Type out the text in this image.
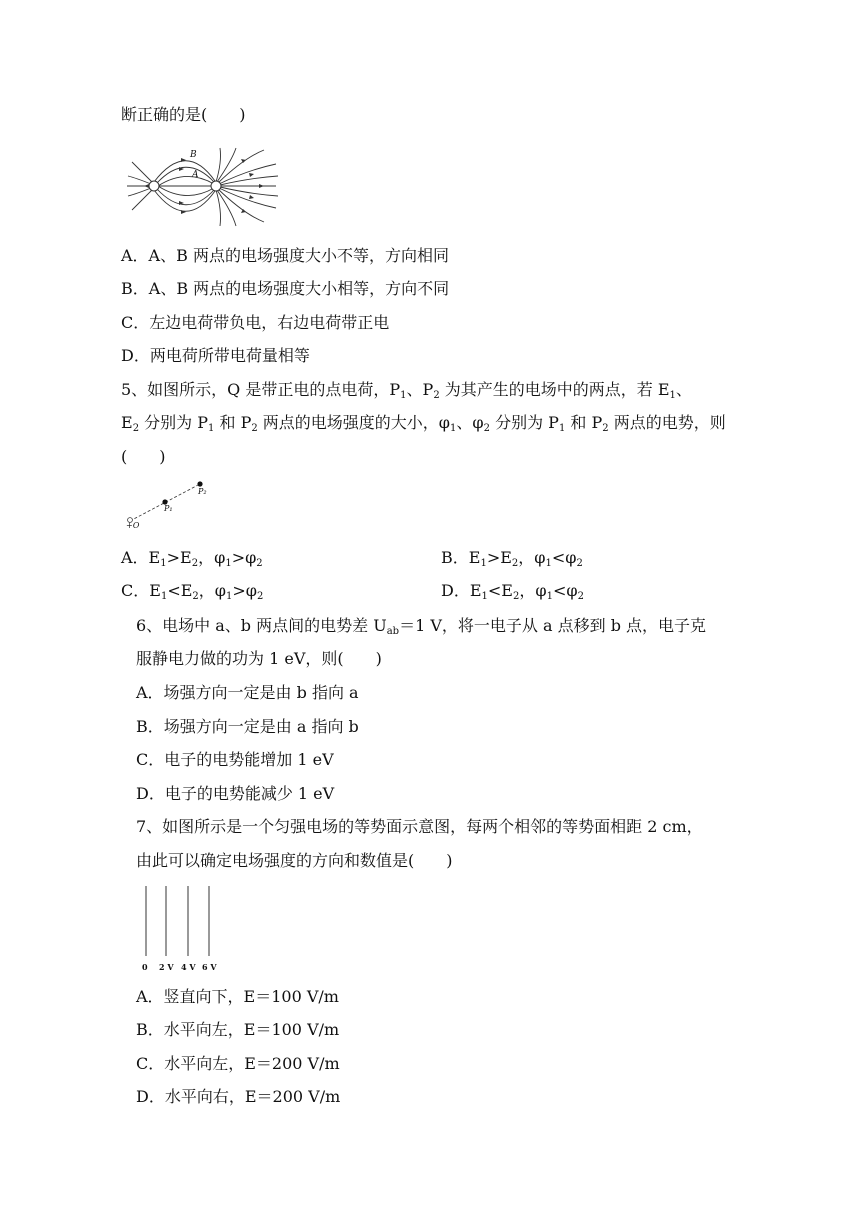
断正确的是(　　)
B
A
A．A、B 两点的电场强度大小不等，方向相同
B．A、B 两点的电场强度大小相等，方向不同
C．左边电荷带负电，右边电荷带正电
D．两电荷所带电荷量相等
5、如图所示，Q 是带正电的点电荷，$P_1$、$P_2$ 为其产生的电场中的两点，若 $E_1$、
$E_2$ 分别为 $P_1$ 和 $P_2$ 两点的电场强度的大小，$\varphi_1$、$\varphi_2$ 分别为 $P_1$ 和 $P_2$ 两点的电势，则
(　　)
+Q
P₁
P₂
A．$E_1>E_2$，$\varphi_1>\varphi_2$	B．$E_1>E_2$，$\varphi_1<\varphi_2$
C．$E_1<E_2$，$\varphi_1>\varphi_2$	D．$E_1<E_2$，$\varphi_1<\varphi_2$
6、电场中 a、b 两点间的电势差 $U_{ab}=1$ V，将一电子从 a 点移到 b 点，电子克
服静电力做的功为 1 eV，则(　　)
A．场强方向一定是由 b 指向 a
B．场强方向一定是由 a 指向 b
C．电子的电势能增加 1 eV
D．电子的电势能减少 1 eV
7、如图所示是一个匀强电场的等势面示意图，每两个相邻的等势面相距 2 cm，
由此可以确定电场强度的方向和数值是(　　)
0 2 V 4 V 6 V
A．竖直向下，E＝100 V/m
B．水平向左，E＝100 V/m
C．水平向左，E＝200 V/m
D．水平向右，E＝200 V/m
